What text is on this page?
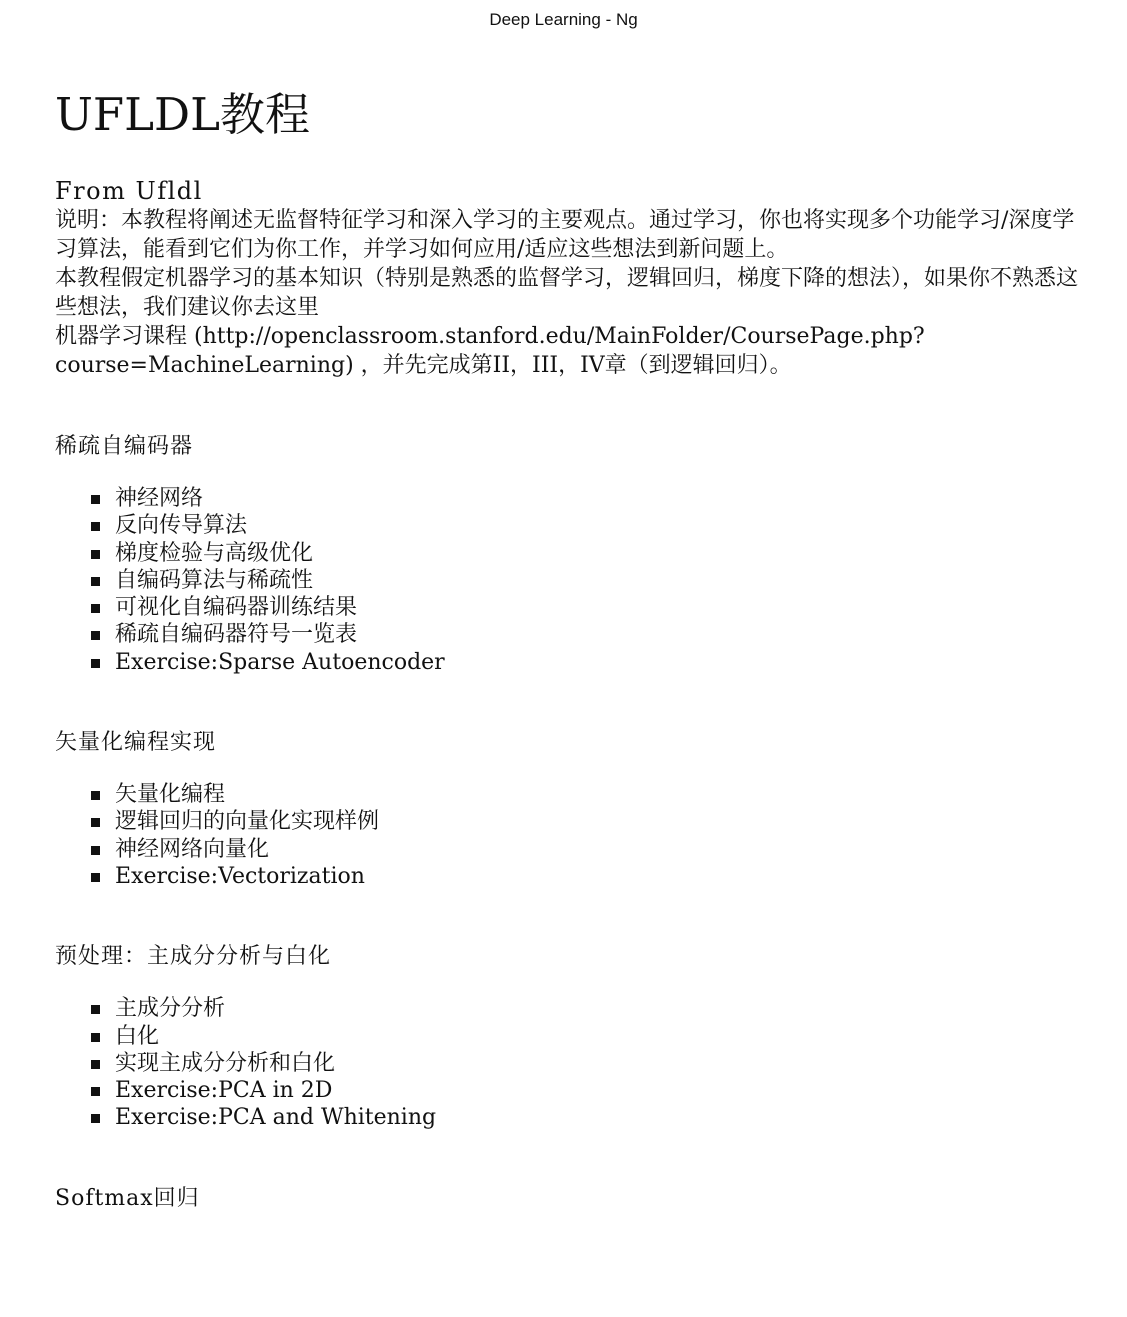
Deep Learning - Ng
UFLDL教程
From Ufldl

说明：本教程将阐述无监督特征学习和深入学习的主要观点。通过学习，你也将实现多个功能学习/深度学习算法，能看到它们为你工作，并学习如何应用/适应这些想法到新问题上。

本教程假定机器学习的基本知识（特别是熟悉的监督学习，逻辑回归，梯度下降的想法），如果你不熟悉这些想法，我们建议你去这里

机器学习课程 (http://openclassroom.stanford.edu/MainFolder/CoursePage.php?course=MachineLearning) ，并先完成第II，III，IV章（到逻辑回归）。

稀疏自编码器
神经网络
反向传导算法
梯度检验与高级优化
自编码算法与稀疏性
可视化自编码器训练结果
稀疏自编码器符号一览表
Exercise:Sparse Autoencoder
矢量化编程实现
矢量化编程
逻辑回归的向量化实现样例
神经网络向量化
Exercise:Vectorization
预处理：主成分分析与白化
主成分分析
白化
实现主成分分析和白化
Exercise:PCA in 2D
Exercise:PCA and Whitening
Softmax回归
